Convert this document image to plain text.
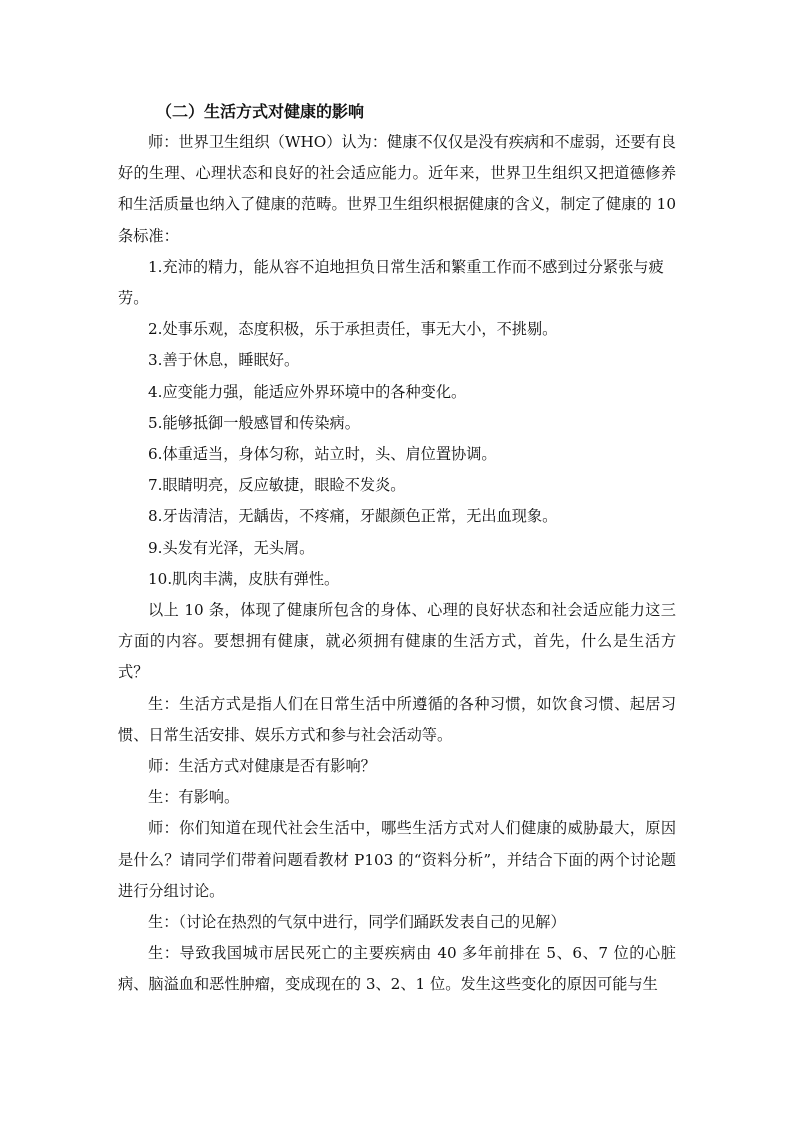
（二）生活方式对健康的影响

师：世界卫生组织（WHO）认为：健康不仅仅是没有疾病和不虚弱，还要有良好的生理、心理状态和良好的社会适应能力。近年来，世界卫生组织又把道德修养和生活质量也纳入了健康的范畴。世界卫生组织根据健康的含义，制定了健康的 10 条标准：

1.充沛的精力，能从容不迫地担负日常生活和繁重工作而不感到过分紧张与疲劳。

2.处事乐观，态度积极，乐于承担责任，事无大小，不挑剔。

3.善于休息，睡眠好。

4.应变能力强，能适应外界环境中的各种变化。

5.能够抵御一般感冒和传染病。

6.体重适当，身体匀称，站立时，头、肩位置协调。

7.眼睛明亮，反应敏捷，眼睑不发炎。

8.牙齿清洁，无龋齿，不疼痛，牙龈颜色正常，无出血现象。

9.头发有光泽，无头屑。

10.肌肉丰满，皮肤有弹性。

以上 10 条，体现了健康所包含的身体、心理的良好状态和社会适应能力这三方面的内容。要想拥有健康，就必须拥有健康的生活方式，首先，什么是生活方式？

生：生活方式是指人们在日常生活中所遵循的各种习惯，如饮食习惯、起居习惯、日常生活安排、娱乐方式和参与社会活动等。

师：生活方式对健康是否有影响？

生：有影响。

师：你们知道在现代社会生活中，哪些生活方式对人们健康的威胁最大，原因是什么？请同学们带着问题看教材 P103 的“资料分析”，并结合下面的两个讨论题进行分组讨论。

生：（讨论在热烈的气氛中进行，同学们踊跃发表自己的见解）

生：导致我国城市居民死亡的主要疾病由 40 多年前排在 5、6、7 位的心脏病、脑溢血和恶性肿瘤，变成现在的 3、2、1 位。发生这些变化的原因可能与生
